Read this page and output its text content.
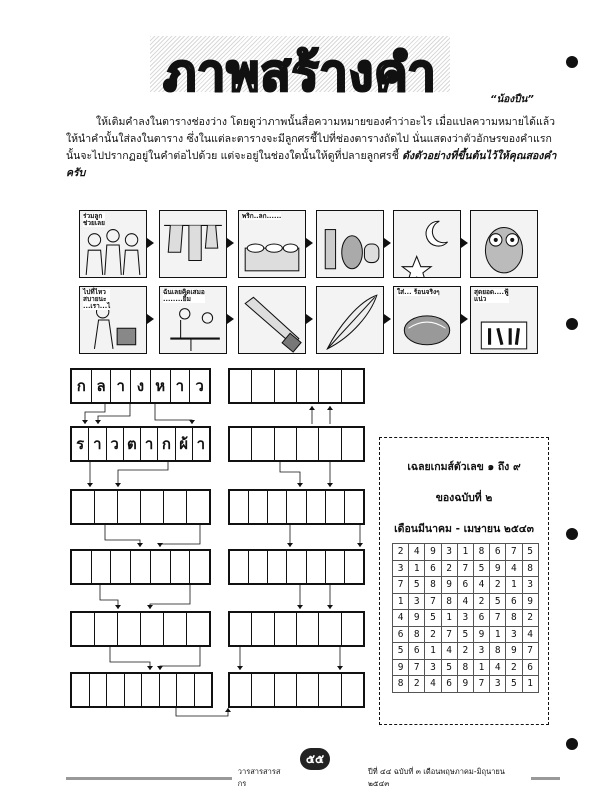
ภาพสร้างคำ	“น้องปืน”
ให้เติมคำลงในตารางช่องว่าง โดยดูว่าภาพนั้นสื่อความหมายของคำว่าอะไร เมื่อแปลความหมายได้แล้วให้นำคำนั้นใส่ลงในตาราง ซึ่งในแต่ละตารางจะมีลูกศรชี้ไปที่ช่องตารางถัดไป นั่นแสดงว่าตัวอักษรของคำแรกนั้นจะไปปรากฏอยู่ในคำต่อไปด้วย แต่จะอยู่ในช่องใดนั้นให้ดูที่ปลายลูกศรชี้ ดังตัวอย่างที่ขึ้นต้นไว้ให้คุณสองคำ ครับ
ร่วมลูก
ช่วยเลย
พริก..ลก......
ไปที่ไหว
สบายนะ
...เรา...ไ
ฉันเลยคิดเสมอ
........ยิ้ม
ใส่... ร้อนจริงๆ	สุดยอด....ฟู้
แน่ว
ก ล า ง ห า ว
ร า ว ต า ก ผ้ า
เฉลยเกมส์ตัวเลข ๑ ถึง ๙
ของฉบับที่ ๒
เดือนมีนาคม - เมษายน ๒๕๔๓
2	4	9	3	1	8	6	7	5
3	1	6	2	7	5	9	4	8
7	5	8	9	6	4	2	1	3
1	3	7	8	4	2	5	6	9
4	9	5	1	3	6	7	8	2
6	8	2	7	5	9	1	3	4
5	6	1	4	2	3	8	9	7
9	7	3	5	8	1	4	2	6
8	2	4	6	9	7	3	5	1
๕๕
วารสารสารสกร
ปีที่ ๔๔ ฉบับที่ ๓ เดือนพฤษภาคม-มิถุนายน ๒๕๔๓
